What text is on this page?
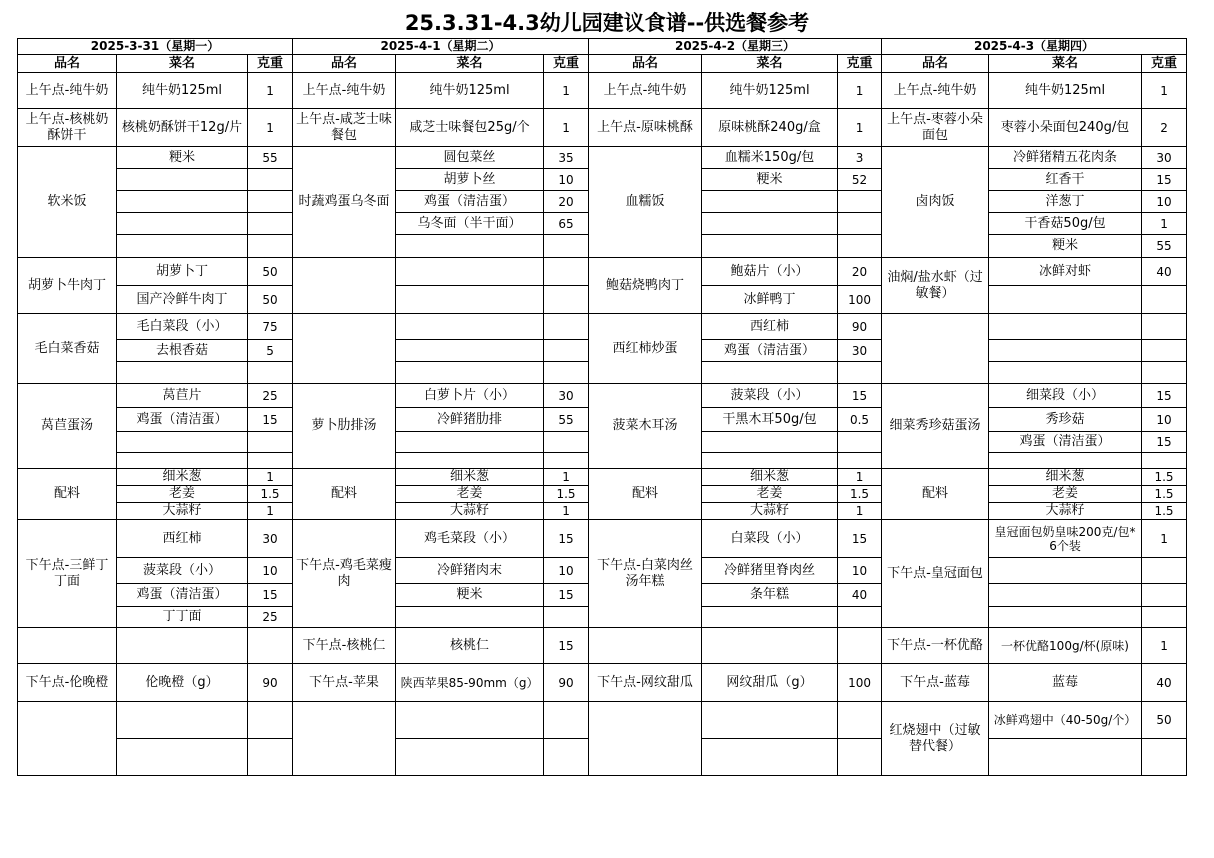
25.3.31-4.3幼儿园建议食谱--供选餐参考
2025-3-31（星期一）			2025-4-1（星期二）			2025-4-2（星期三）			2025-4-3（星期四）		
品名	菜名	克重	品名	菜名	克重	品名	菜名	克重	品名	菜名	克重
上午点-纯牛奶	纯牛奶125ml	1	上午点-纯牛奶	纯牛奶125ml	1	上午点-纯牛奶	纯牛奶125ml	1	上午点-纯牛奶	纯牛奶125ml	1
上午点-核桃奶酥饼干	核桃奶酥饼干12g/片	1	上午点-咸芝士味餐包	咸芝士味餐包25g/个	1	上午点-原味桃酥	原味桃酥240g/盒	1	上午点-枣蓉小朵面包	枣蓉小朵面包240g/包	2
软米饭	粳米	55	时蔬鸡蛋乌冬面	圆包菜丝	35	血糯饭	血糯米150g/包	3	卤肉饭	冷鲜猪精五花肉条	30
				胡萝卜丝	10		粳米	52		红香干	15
				鸡蛋（清洁蛋）	20					洋葱丁	10
				乌冬面（半干面）	65					干香菇50g/包	1
										粳米	55
胡萝卜牛肉丁	胡萝卜丁	50				鲍菇烧鸭肉丁	鲍菇片（小）	20	油焖/盐水虾（过敏餐）	冰鲜对虾	40
	国产冷鲜牛肉丁	50					冰鲜鸭丁	100			
毛白菜香菇	毛白菜段（小）	75				西红柿炒蛋	西红柿	90			
	去根香菇	5					鸡蛋（清洁蛋）	30			

莴苣蛋汤	莴苣片	25	萝卜肋排汤	白萝卜片（小）	30	菠菜木耳汤	菠菜段（小）	15	细菜秀珍菇蛋汤	细菜段（小）	15
	鸡蛋（清洁蛋）	15		冷鲜猪肋排	55		干黑木耳50g/包	0.5		秀珍菇	10
										鸡蛋（清洁蛋）	15

配料	细米葱	1	配料	细米葱	1	配料	细米葱	1	配料	细米葱	1.5
	老姜	1.5		老姜	1.5		老姜	1.5		老姜	1.5
	大蒜籽	1		大蒜籽	1		大蒜籽	1		大蒜籽	1.5
下午点-三鲜丁丁面	西红柿	30	下午点-鸡毛菜瘦肉	鸡毛菜段（小）	15	下午点-白菜肉丝汤年糕	白菜段（小）	15	下午点-皇冠面包	皇冠面包奶皇味200克/包*6个装	1
	菠菜段（小）	10		冷鲜猪肉末	10		冷鲜猪里脊肉丝	10			
	鸡蛋（清洁蛋）	15		粳米	15		条年糕	40			
	丁丁面	25									
			下午点-核桃仁	核桃仁	15				下午点-一杯优酪	一杯优酪100g/杯(原味)	1
下午点-伦晚橙	伦晚橙（g）	90	下午点-苹果	陕西苹果85-90mm（g）	90	下午点-网纹甜瓜	网纹甜瓜（g）	100	下午点-蓝莓	蓝莓	40
									红烧翅中（过敏替代餐）	冰鲜鸡翅中（40-50g/个）	50
